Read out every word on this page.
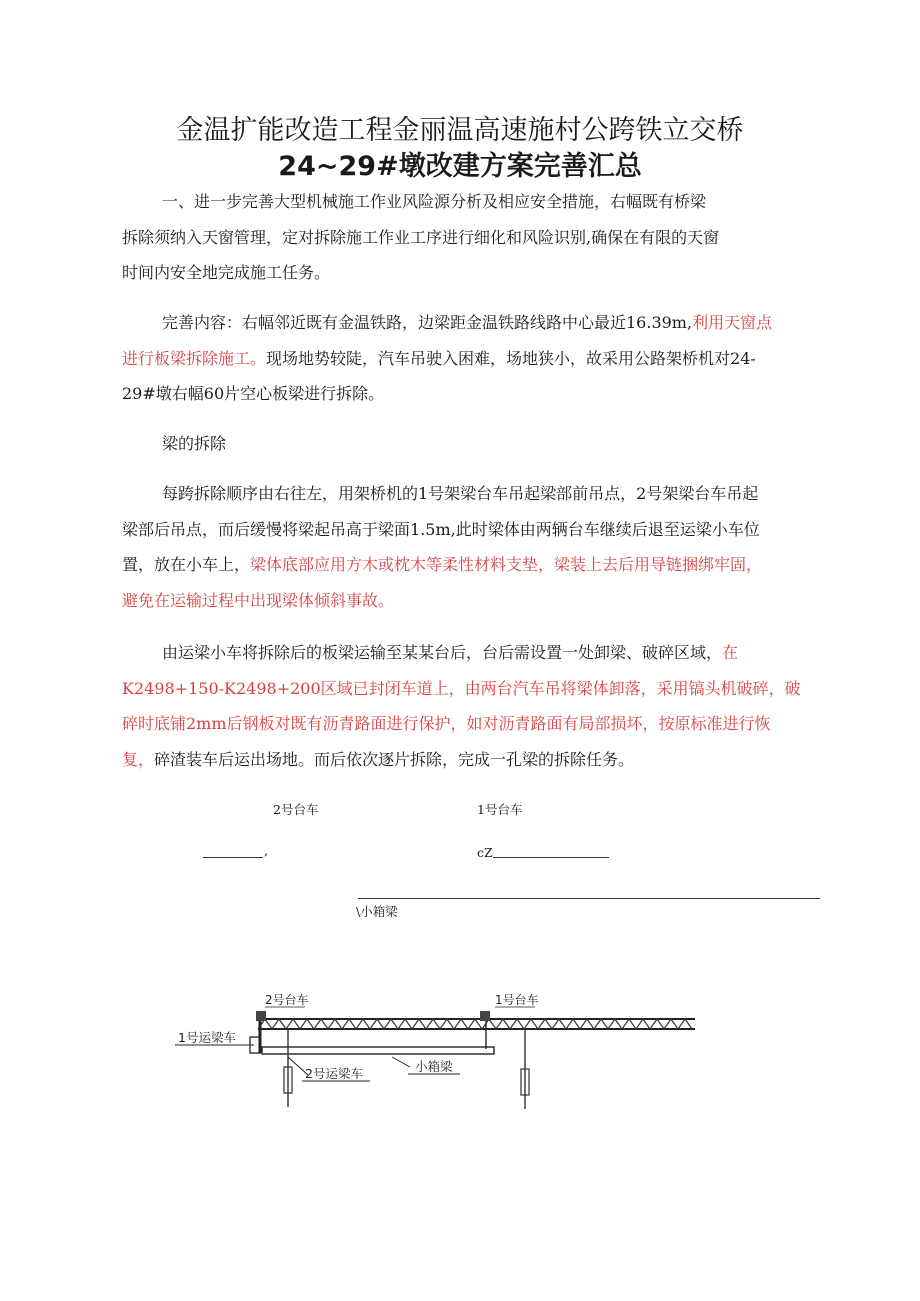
金温扩能改造工程金丽温高速施村公跨铁立交桥
24~29#墩改建方案完善汇总
一、进一步完善大型机械施工作业风险源分析及相应安全措施，右幅既有桥梁
拆除须纳入天窗管理，定对拆除施工作业工序进行细化和风险识别,确保在有限的天窗
时间内安全地完成施工任务。
完善内容：右幅邻近既有金温铁路，边梁距金温铁路线路中心最近16.39m,利用天窗点
进行板梁拆除施工。现场地势较陡，汽车吊驶入困难，场地狭小，故采用公路架桥机对24-
29#墩右幅60片空心板梁进行拆除。
梁的拆除
每跨拆除顺序由右往左，用架桥机的1号架梁台车吊起梁部前吊点，2号架梁台车吊起
梁部后吊点，而后缓慢将梁起吊高于梁面1.5m,此时梁体由两辆台车继续后退至运梁小车位
置，放在小车上，梁体底部应用方木或枕木等柔性材料支垫，梁装上去后用导链捆绑牢固，
避免在运输过程中出现梁体倾斜事故。
由运梁小车将拆除后的板梁运输至某某台后，台后需设置一处卸梁、破碎区域，在
K2498+150-K2498+200区域已封闭车道上，由两台汽车吊将梁体卸落，采用镐头机破碎，破
碎时底铺2mm后钢板对既有沥青路面进行保护，如对沥青路面有局部损坏，按原标准进行恢
复，碎渣装车后运出场地。而后依次逐片拆除，完成一孔梁的拆除任务。
2号台车	1号台车
,	cZ
\小箱梁
2号台车	1号台车
1号运梁车
2号运梁车	小箱梁
